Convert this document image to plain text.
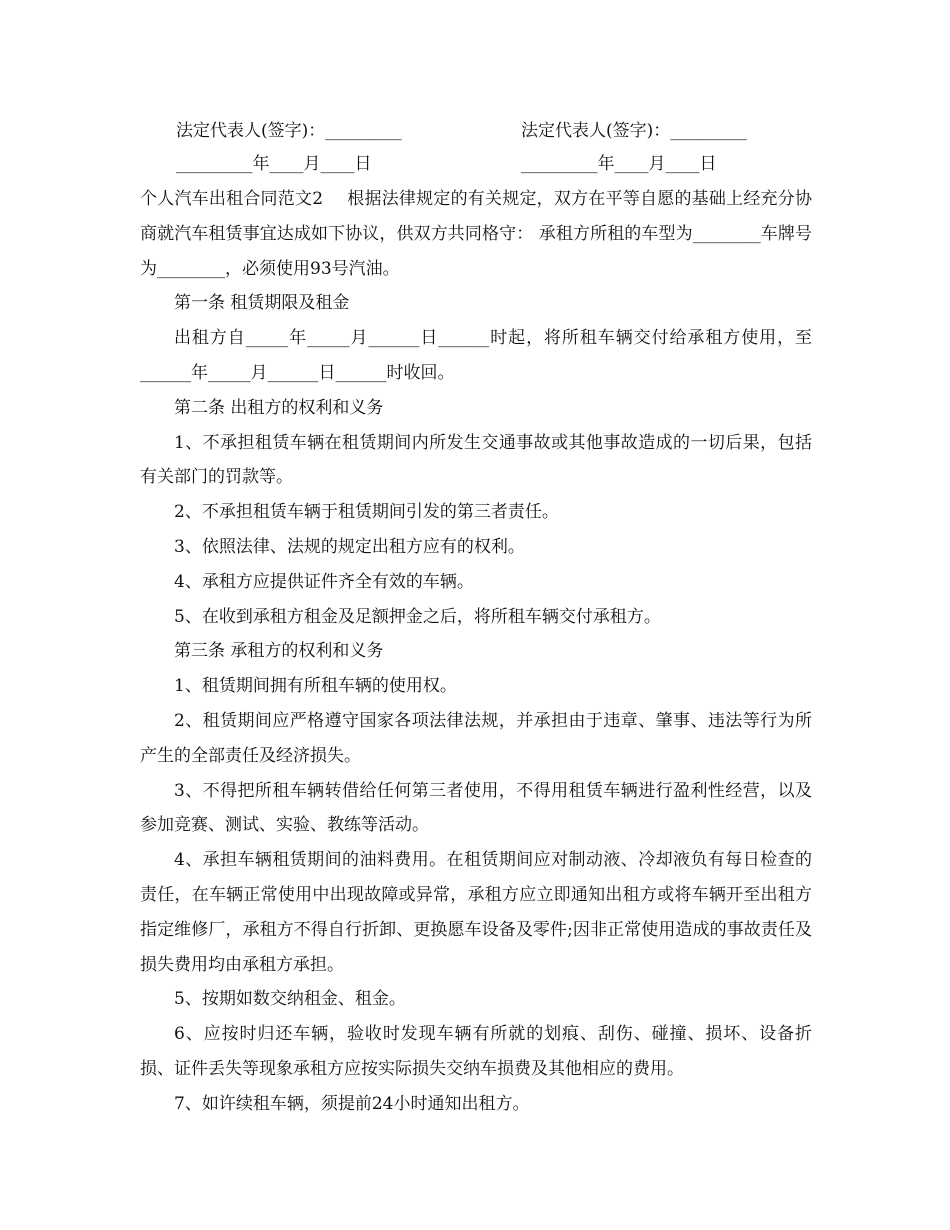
法定代表人(签字)：_________	法定代表人(签字)：_________
_________年____月____日	_________年____月____日

个人汽车出租合同范文2 根据法律规定的有关规定，双方在平等自愿的基础上经充分协商就汽车租赁事宜达成如下协议，供双方共同格守： 承租方所租的车型为________车牌号为________，必须使用93号汽油。

第一条 租赁期限及租金

出租方自_____年_____月______日______时起，将所租车辆交付给承租方使用，至______年_____月______日______时收回。

第二条 出租方的权利和义务

1、不承担租赁车辆在租赁期间内所发生交通事故或其他事故造成的一切后果，包括有关部门的罚款等。

2、不承担租赁车辆于租赁期间引发的第三者责任。

3、依照法律、法规的规定出租方应有的权利。

4、承租方应提供证件齐全有效的车辆。

5、在收到承租方租金及足额押金之后，将所租车辆交付承租方。

第三条 承租方的权利和义务

1、租赁期间拥有所租车辆的使用权。

2、租赁期间应严格遵守国家各项法律法规，并承担由于违章、肇事、违法等行为所产生的全部责任及经济损失。

3、不得把所租车辆转借给任何第三者使用，不得用租赁车辆进行盈利性经营，以及参加竞赛、测试、实验、教练等活动。

4、承担车辆租赁期间的油料费用。在租赁期间应对制动液、冷却液负有每日检查的责任，在车辆正常使用中出现故障或异常，承租方应立即通知出租方或将车辆开至出租方指定维修厂，承租方不得自行折卸、更换愿车设备及零件;因非正常使用造成的事故责任及损失费用均由承租方承担。

5、按期如数交纳租金、租金。

6、应按时归还车辆，验收时发现车辆有所就的划痕、刮伤、碰撞、损坏、设备折损、证件丢失等现象承租方应按实际损失交纳车损费及其他相应的费用。

7、如许续租车辆，须提前24小时通知出租方。
